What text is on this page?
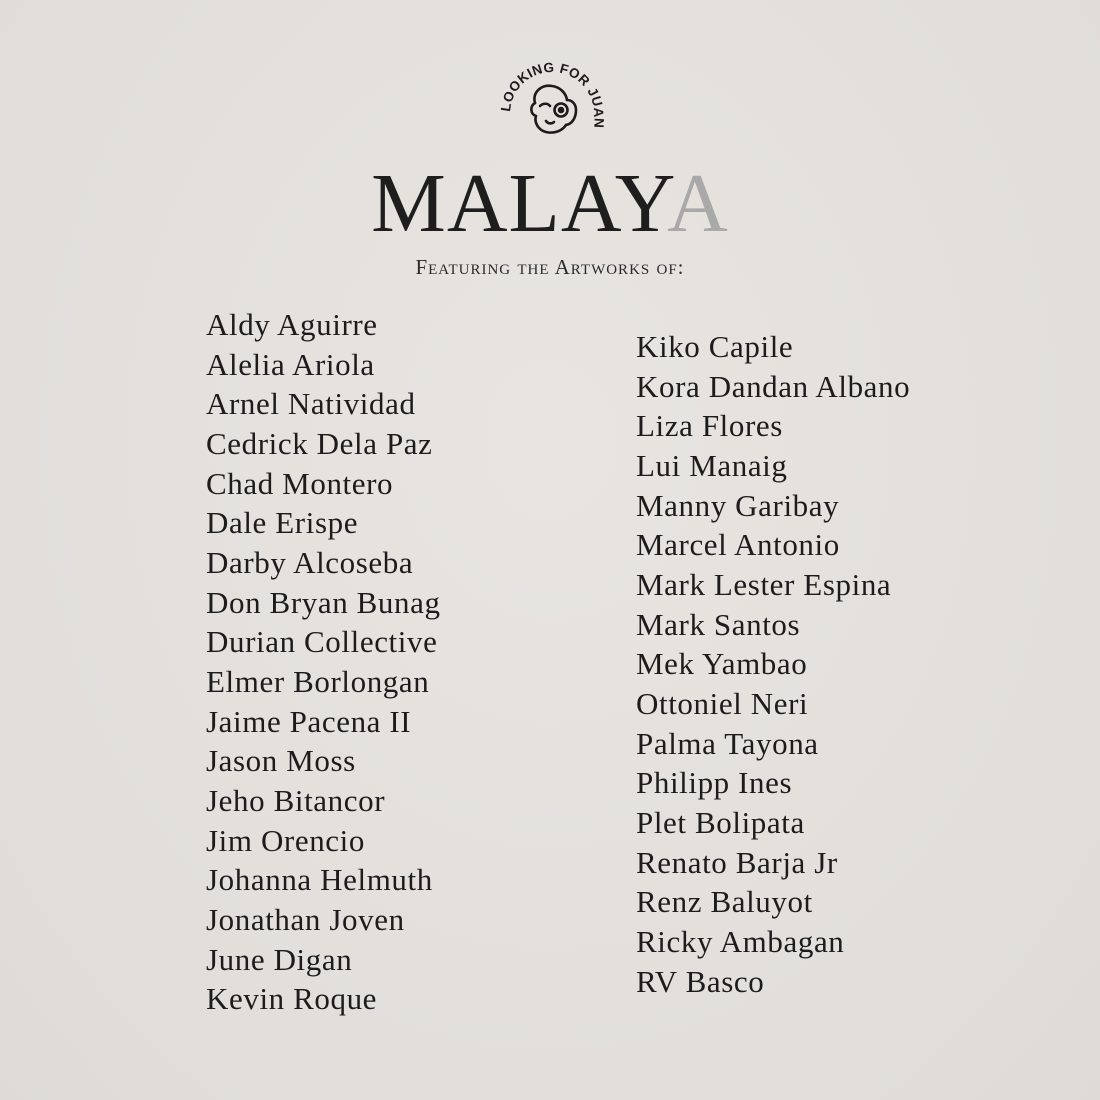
LOOKING FOR JUAN
MALAYA
Featuring the Artworks of:
Aldy Aguirre
Alelia Ariola
Arnel Natividad
Cedrick Dela Paz
Chad Montero
Dale Erispe
Darby Alcoseba
Don Bryan Bunag
Durian Collective
Elmer Borlongan
Jaime Pacena II
Jason Moss
Jeho Bitancor
Jim Orencio
Johanna Helmuth
Jonathan Joven
June Digan
Kevin Roque
Kiko Capile
Kora Dandan Albano
Liza Flores
Lui Manaig
Manny Garibay
Marcel Antonio
Mark Lester Espina
Mark Santos
Mek Yambao
Ottoniel Neri
Palma Tayona
Philipp Ines
Plet Bolipata
Renato Barja Jr
Renz Baluyot
Ricky Ambagan
RV Basco
